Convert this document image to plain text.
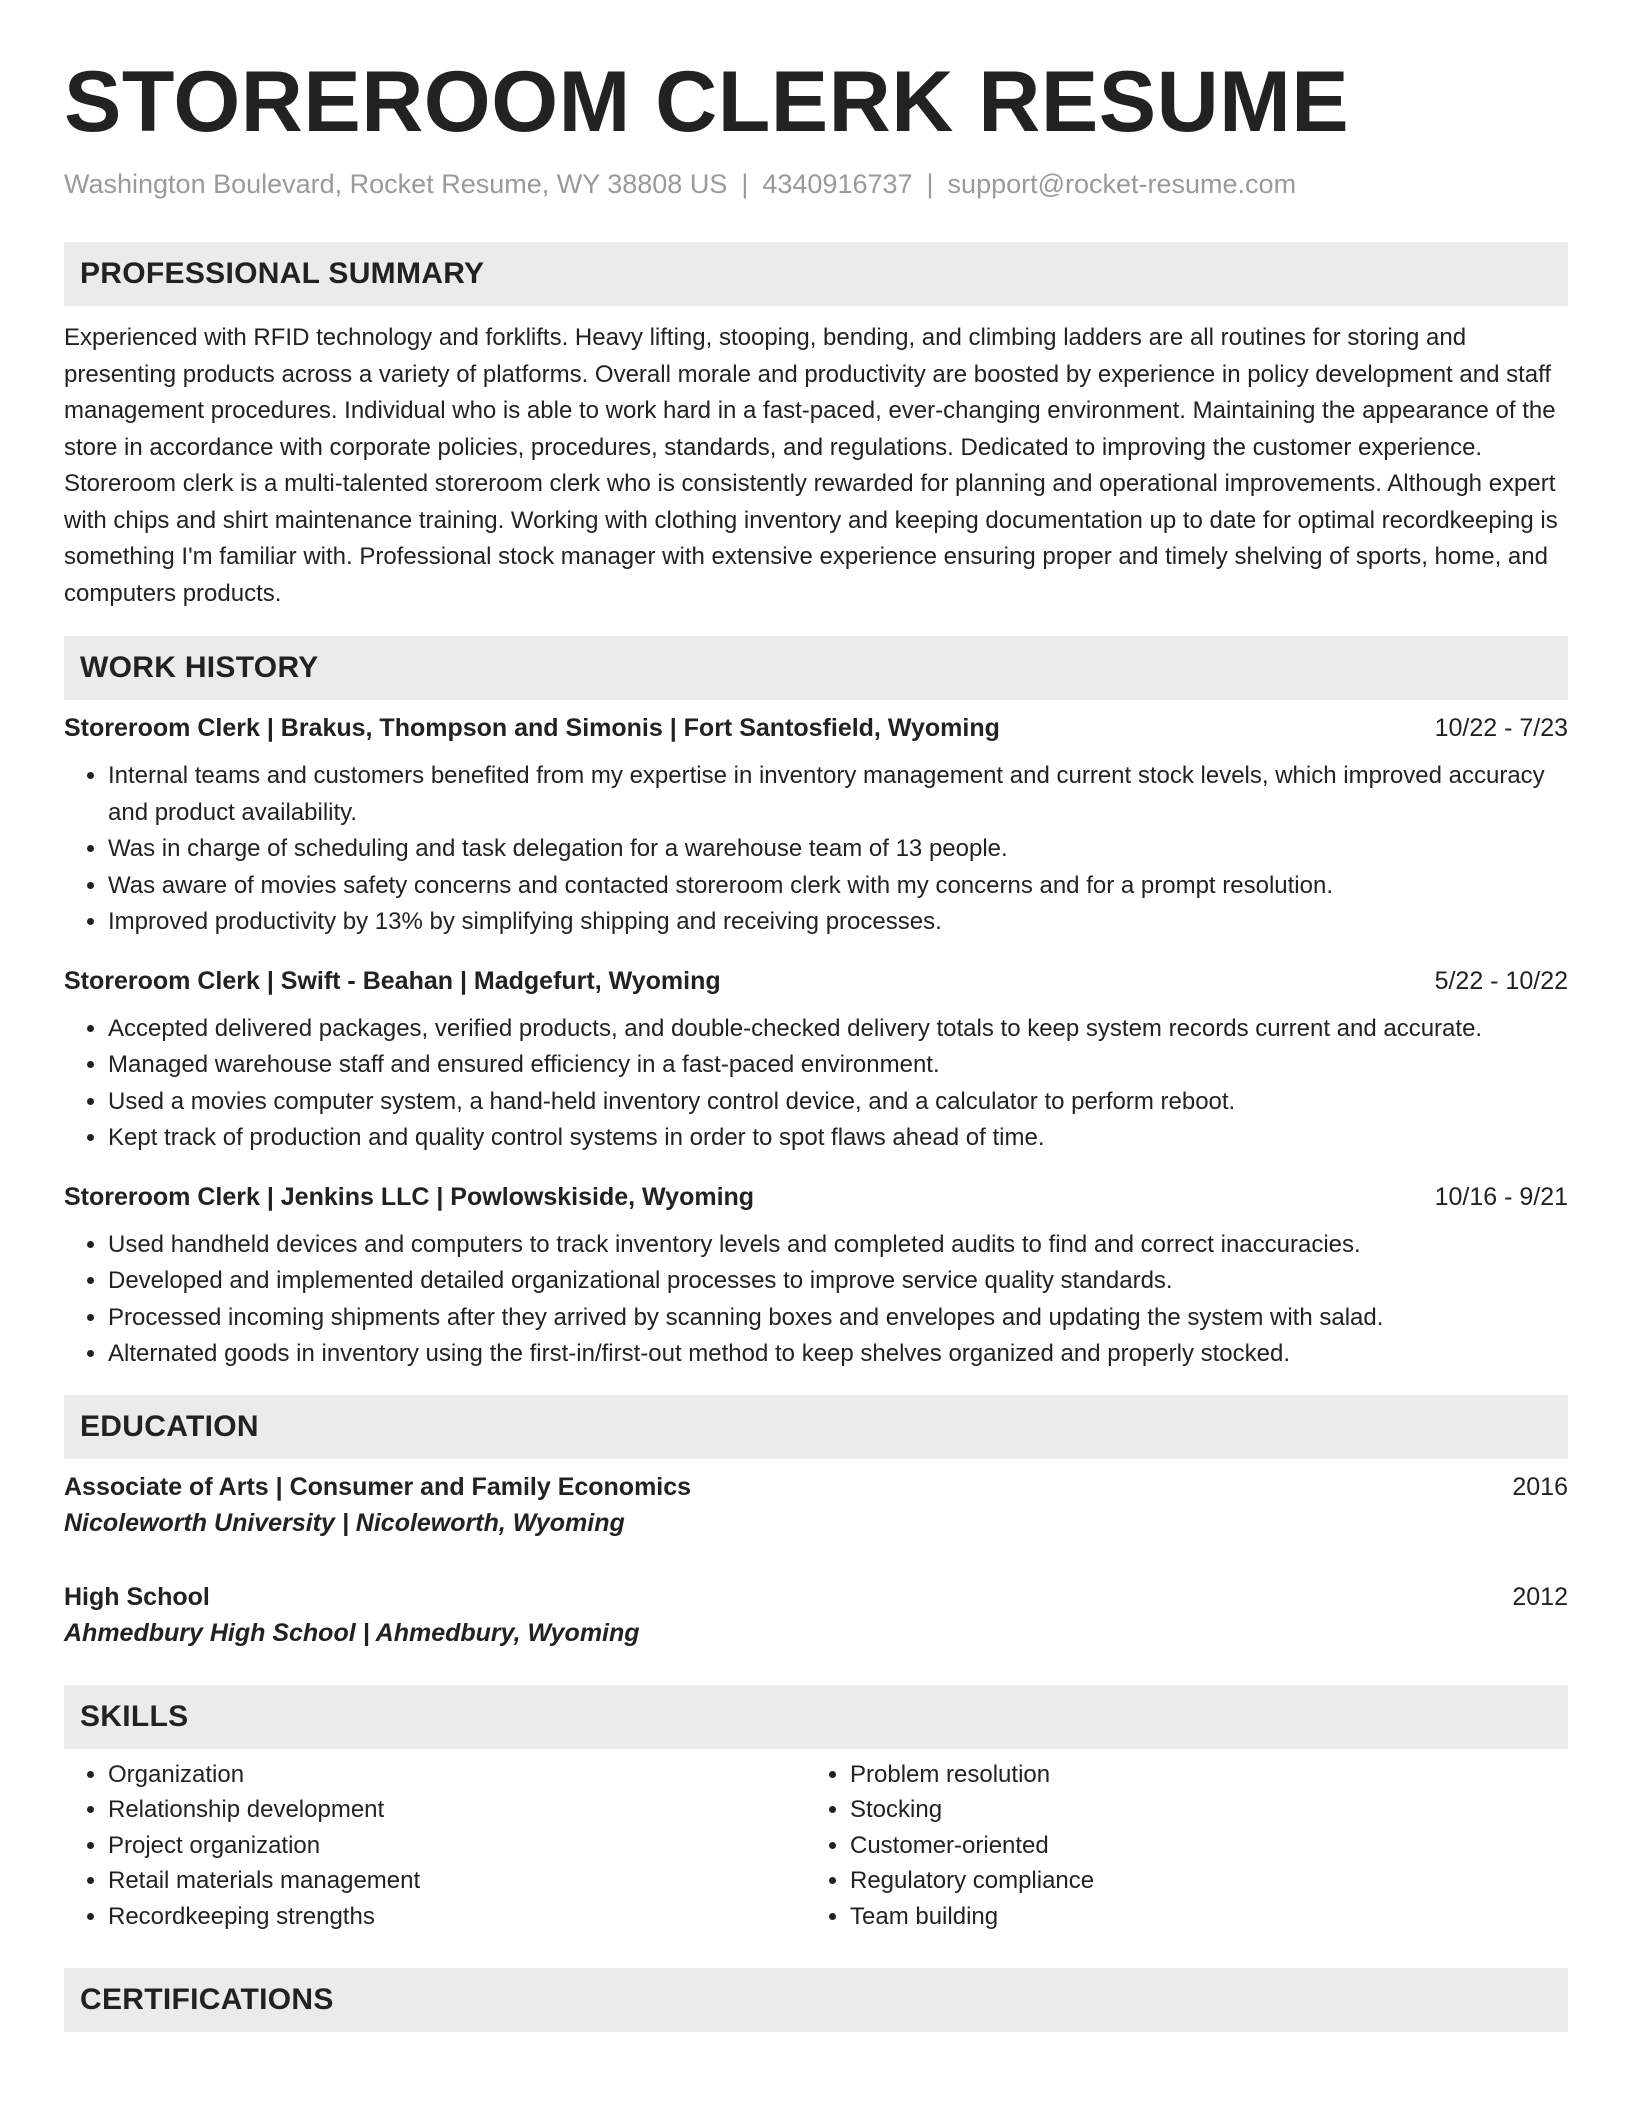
STOREROOM CLERK RESUME
Washington Boulevard, Rocket Resume, WY 38808 US | 4340916737 | support@rocket-resume.com
PROFESSIONAL SUMMARY
Experienced with RFID technology and forklifts. Heavy lifting, stooping, bending, and climbing ladders are all routines for storing and presenting products across a variety of platforms. Overall morale and productivity are boosted by experience in policy development and staff management procedures. Individual who is able to work hard in a fast-paced, ever-changing environment. Maintaining the appearance of the store in accordance with corporate policies, procedures, standards, and regulations. Dedicated to improving the customer experience. Storeroom clerk is a multi-talented storeroom clerk who is consistently rewarded for planning and operational improvements. Although expert with chips and shirt maintenance training. Working with clothing inventory and keeping documentation up to date for optimal recordkeeping is something I'm familiar with. Professional stock manager with extensive experience ensuring proper and timely shelving of sports, home, and computers products.
WORK HISTORY
Storeroom Clerk | Brakus, Thompson and Simonis | Fort Santosfield, Wyoming	10/22 - 7/23
• Internal teams and customers benefited from my expertise in inventory management and current stock levels, which improved accuracy and product availability.
• Was in charge of scheduling and task delegation for a warehouse team of 13 people.
• Was aware of movies safety concerns and contacted storeroom clerk with my concerns and for a prompt resolution.
• Improved productivity by 13% by simplifying shipping and receiving processes.
Storeroom Clerk | Swift - Beahan | Madgefurt, Wyoming	5/22 - 10/22
• Accepted delivered packages, verified products, and double-checked delivery totals to keep system records current and accurate.
• Managed warehouse staff and ensured efficiency in a fast-paced environment.
• Used a movies computer system, a hand-held inventory control device, and a calculator to perform reboot.
• Kept track of production and quality control systems in order to spot flaws ahead of time.
Storeroom Clerk | Jenkins LLC | Powlowskiside, Wyoming	10/16 - 9/21
• Used handheld devices and computers to track inventory levels and completed audits to find and correct inaccuracies.
• Developed and implemented detailed organizational processes to improve service quality standards.
• Processed incoming shipments after they arrived by scanning boxes and envelopes and updating the system with salad.
• Alternated goods in inventory using the first-in/first-out method to keep shelves organized and properly stocked.
EDUCATION
Associate of Arts | Consumer and Family Economics	2016
Nicoleworth University | Nicoleworth, Wyoming
High School	2012
Ahmedbury High School | Ahmedbury, Wyoming
SKILLS
• Organization
• Relationship development
• Project organization
• Retail materials management
• Recordkeeping strengths
• Problem resolution
• Stocking
• Customer-oriented
• Regulatory compliance
• Team building
CERTIFICATIONS
